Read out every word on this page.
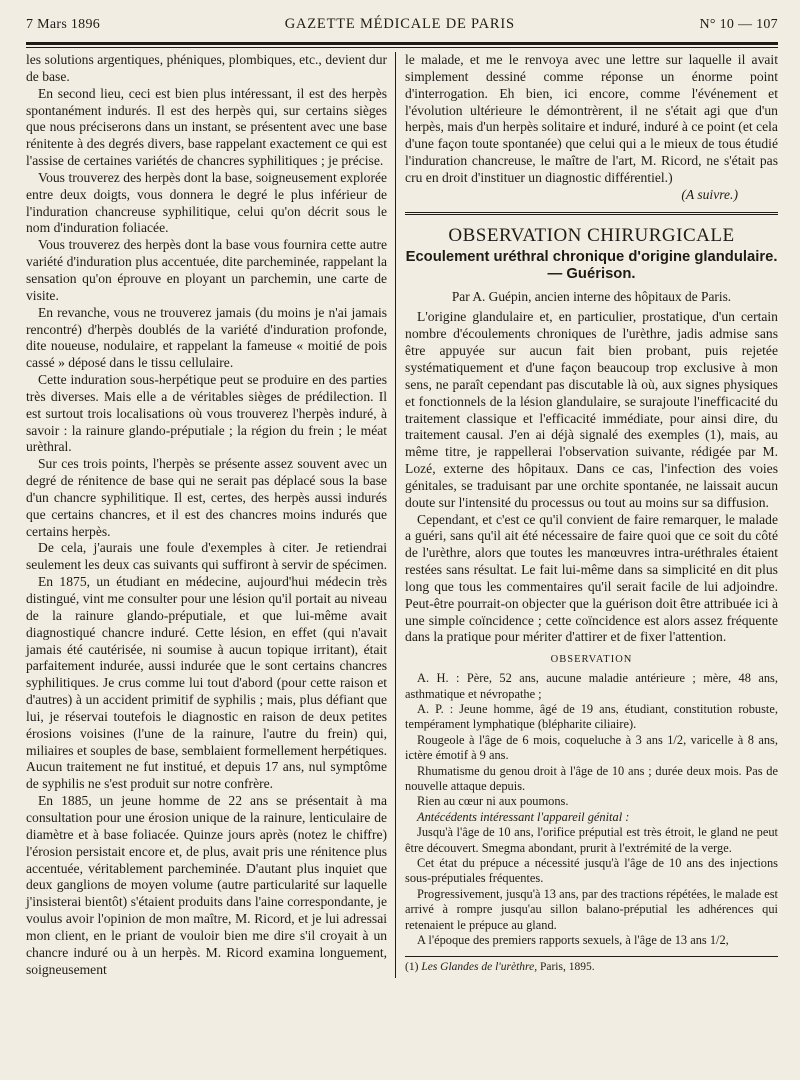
7 Mars 1896	GAZETTE MÉDICALE DE PARIS	N° 10 — 107

les solutions argentiques, phéniques, plombiques, etc., devient dur de base.

En second lieu, ceci est bien plus intéressant, il est des herpès spontanément indurés. Il est des herpès qui, sur certains sièges que nous préciserons dans un instant, se présentent avec une base rénitente à des degrés divers, base rappelant exactement ce qui est l'assise de certaines variétés de chancres syphilitiques ; je précise.

Vous trouverez des herpès dont la base, soigneusement explorée entre deux doigts, vous donnera le degré le plus inférieur de l'induration chancreuse syphilitique, celui qu'on décrit sous le nom d'induration foliacée.

Vous trouverez des herpès dont la base vous fournira cette autre variété d'induration plus accentuée, dite parcheminée, rappelant la sensation qu'on éprouve en ployant un parchemin, une carte de visite.

En revanche, vous ne trouverez jamais (du moins je n'ai jamais rencontré) d'herpès doublés de la variété d'induration profonde, dite noueuse, nodulaire, et rappelant la fameuse « moitié de pois cassé » déposé dans le tissu cellulaire.

Cette induration sous-herpétique peut se produire en des parties très diverses. Mais elle a de véritables sièges de prédilection. Il est surtout trois localisations où vous trouverez l'herpès induré, à savoir : la rainure glando-préputiale ; la région du frein ; le méat urèthral.

Sur ces trois points, l'herpès se présente assez souvent avec un degré de rénitence de base qui ne serait pas déplacé sous la base d'un chancre syphilitique. Il est, certes, des herpès aussi indurés que certains chancres, et il est des chancres moins indurés que certains herpès.

De cela, j'aurais une foule d'exemples à citer. Je retiendrai seulement les deux cas suivants qui suffiront à servir de spécimen.

En 1875, un étudiant en médecine, aujourd'hui médecin très distingué, vint me consulter pour une lésion qu'il portait au niveau de la rainure glando-préputiale, et que lui-même avait diagnostiqué chancre induré. Cette lésion, en effet (qui n'avait jamais été cautérisée, ni soumise à aucun topique irritant), était parfaitement indurée, aussi indurée que le sont certains chancres syphilitiques. Je crus comme lui tout d'abord (pour cette raison et d'autres) à un accident primitif de syphilis ; mais, plus défiant que lui, je réservai toutefois le diagnostic en raison de deux petites érosions voisines (l'une de la rainure, l'autre du frein) qui, miliaires et souples de base, semblaient formellement herpétiques. Aucun traitement ne fut institué, et depuis 17 ans, nul symptôme de syphilis ne s'est produit sur notre confrère.

En 1885, un jeune homme de 22 ans se présentait à ma consultation pour une érosion unique de la rainure, lenticulaire de diamètre et à base foliacée. Quinze jours après (notez le chiffre) l'érosion persistait encore et, de plus, avait pris une rénitence plus accentuée, véritablement parcheminée. D'autant plus inquiet que deux ganglions de moyen volume (autre particularité sur laquelle j'insisterai bientôt) s'étaient produits dans l'aine correspondante, je voulus avoir l'opinion de mon maître, M. Ricord, et je lui adressai mon client, en le priant de vouloir bien me dire s'il croyait à un chancre induré ou à un herpès. M. Ricord examina longuement, soigneusement

le malade, et me le renvoya avec une lettre sur laquelle il avait simplement dessiné comme réponse un énorme point d'interrogation. Eh bien, ici encore, comme l'événement et l'évolution ultérieure le démontrèrent, il ne s'était agi que d'un herpès, mais d'un herpès solitaire et induré, induré à ce point (et cela d'une façon toute spontanée) que celui qui a le mieux de tous étudié l'induration chancreuse, le maître de l'art, M. Ricord, ne s'était pas cru en droit d'instituer un diagnostic différentiel.)

(A suivre.)

OBSERVATION CHIRURGICALE
Ecoulement uréthral chronique d'origine glandulaire. — Guérison.
Par A. Guépin, ancien interne des hôpitaux de Paris.

L'origine glandulaire et, en particulier, prostatique, d'un certain nombre d'écoulements chroniques de l'urèthre, jadis admise sans être appuyée sur aucun fait bien probant, puis rejetée systématiquement et d'une façon beaucoup trop exclusive à mon sens, ne paraît cependant pas discutable là où, aux signes physiques et fonctionnels de la lésion glandulaire, se surajoute l'inefficacité du traitement classique et l'efficacité immédiate, pour ainsi dire, du traitement causal. J'en ai déjà signalé des exemples (1), mais, au même titre, je rappellerai l'observation suivante, rédigée par M. Lozé, externe des hôpitaux. Dans ce cas, l'infection des voies génitales, se traduisant par une orchite spontanée, ne laissait aucun doute sur l'intensité du processus ou tout au moins sur sa diffusion.

Cependant, et c'est ce qu'il convient de faire remarquer, le malade a guéri, sans qu'il ait été nécessaire de faire quoi que ce soit du côté de l'urèthre, alors que toutes les manœuvres intra-uréthrales étaient restées sans résultat. Le fait lui-même dans sa simplicité en dit plus long que tous les commentaires qu'il serait facile de lui adjoindre. Peut-être pourrait-on objecter que la guérison doit être attribuée ici à une simple coïncidence ; cette coïncidence est alors assez fréquente dans la pratique pour mériter d'attirer et de fixer l'attention.

OBSERVATION

A. H. : Père, 52 ans, aucune maladie antérieure ; mère, 48 ans, asthmatique et névropathe ;

A. P. : Jeune homme, âgé de 19 ans, étudiant, constitution robuste, tempérament lymphatique (blépharite ciliaire).

Rougeole à l'âge de 6 mois, coqueluche à 3 ans 1/2, varicelle à 8 ans, ictère émotif à 9 ans.

Rhumatisme du genou droit à l'âge de 10 ans ; durée deux mois. Pas de nouvelle attaque depuis.

Rien au cœur ni aux poumons.

Antécédents intéressant l'appareil génital :

Jusqu'à l'âge de 10 ans, l'orifice préputial est très étroit, le gland ne peut être découvert. Smegma abondant, prurit à l'extrémité de la verge.

Cet état du prépuce a nécessité jusqu'à l'âge de 10 ans des injections sous-préputiales fréquentes.

Progressivement, jusqu'à 13 ans, par des tractions répétées, le malade est arrivé à rompre jusqu'au sillon balano-préputial les adhérences qui retenaient le prépuce au gland.

A l'époque des premiers rapports sexuels, à l'âge de 13 ans 1/2,

(1) Les Glandes de l'urèthre, Paris, 1895.
